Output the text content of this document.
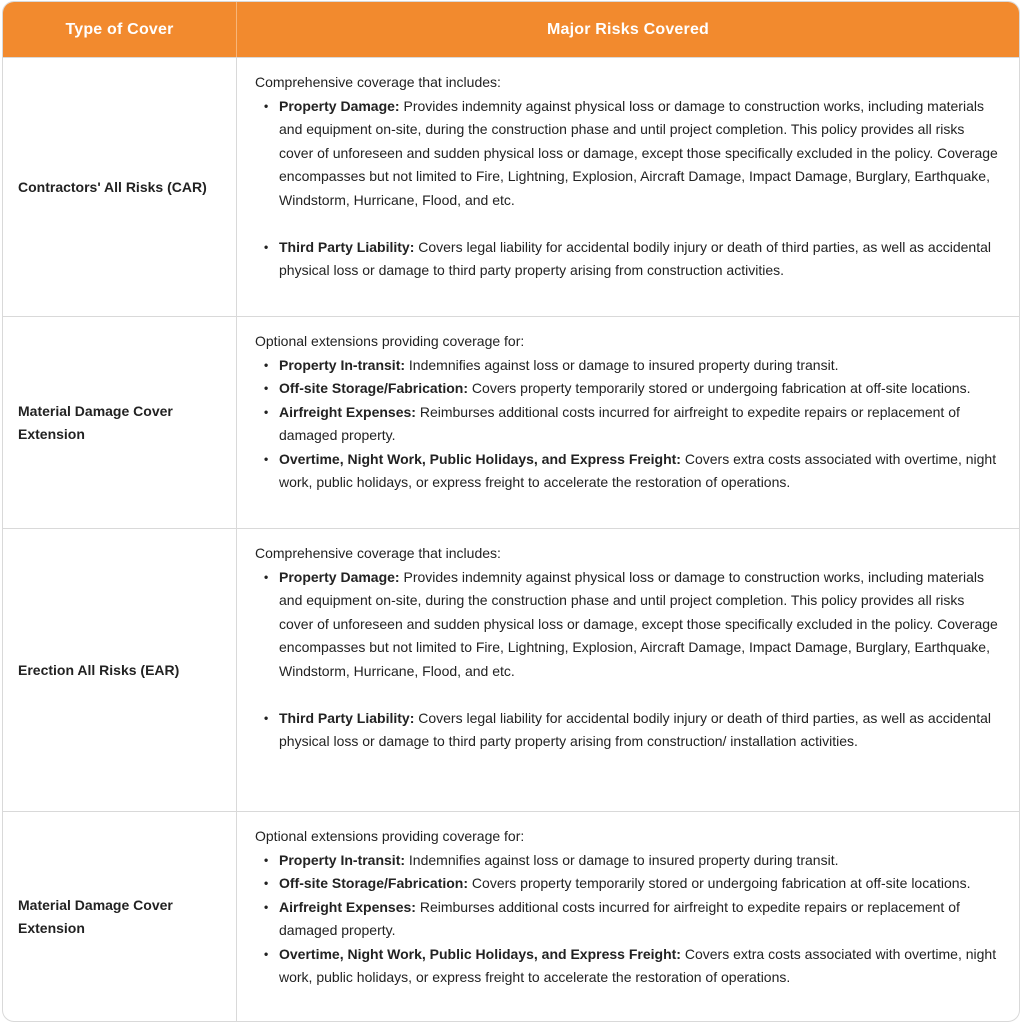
Type of Cover	Major Risks Covered
Contractors' All Risks (CAR)
Comprehensive coverage that includes:
• Property Damage: Provides indemnity against physical loss or damage to construction works, including materials and equipment on-site, during the construction phase and until project completion. This policy provides all risks cover of unforeseen and sudden physical loss or damage, except those specifically excluded in the policy. Coverage encompasses but not limited to Fire, Lightning, Explosion, Aircraft Damage, Impact Damage, Burglary, Earthquake, Windstorm, Hurricane, Flood, and etc.
• Third Party Liability: Covers legal liability for accidental bodily injury or death of third parties, as well as accidental physical loss or damage to third party property arising from construction activities.
Material Damage Cover Extension
Optional extensions providing coverage for:
• Property In-transit: Indemnifies against loss or damage to insured property during transit.
• Off-site Storage/Fabrication: Covers property temporarily stored or undergoing fabrication at off-site locations.
• Airfreight Expenses: Reimburses additional costs incurred for airfreight to expedite repairs or replacement of damaged property.
• Overtime, Night Work, Public Holidays, and Express Freight: Covers extra costs associated with overtime, night work, public holidays, or express freight to accelerate the restoration of operations.
Erection All Risks (EAR)
Comprehensive coverage that includes:
• Property Damage: Provides indemnity against physical loss or damage to construction works, including materials and equipment on-site, during the construction phase and until project completion. This policy provides all risks cover of unforeseen and sudden physical loss or damage, except those specifically excluded in the policy. Coverage encompasses but not limited to Fire, Lightning, Explosion, Aircraft Damage, Impact Damage, Burglary, Earthquake, Windstorm, Hurricane, Flood, and etc.
• Third Party Liability: Covers legal liability for accidental bodily injury or death of third parties, as well as accidental physical loss or damage to third party property arising from construction/ installation activities.
Material Damage Cover Extension
Optional extensions providing coverage for:
• Property In-transit: Indemnifies against loss or damage to insured property during transit.
• Off-site Storage/Fabrication: Covers property temporarily stored or undergoing fabrication at off-site locations.
• Airfreight Expenses: Reimburses additional costs incurred for airfreight to expedite repairs or replacement of damaged property.
• Overtime, Night Work, Public Holidays, and Express Freight: Covers extra costs associated with overtime, night work, public holidays, or express freight to accelerate the restoration of operations.
